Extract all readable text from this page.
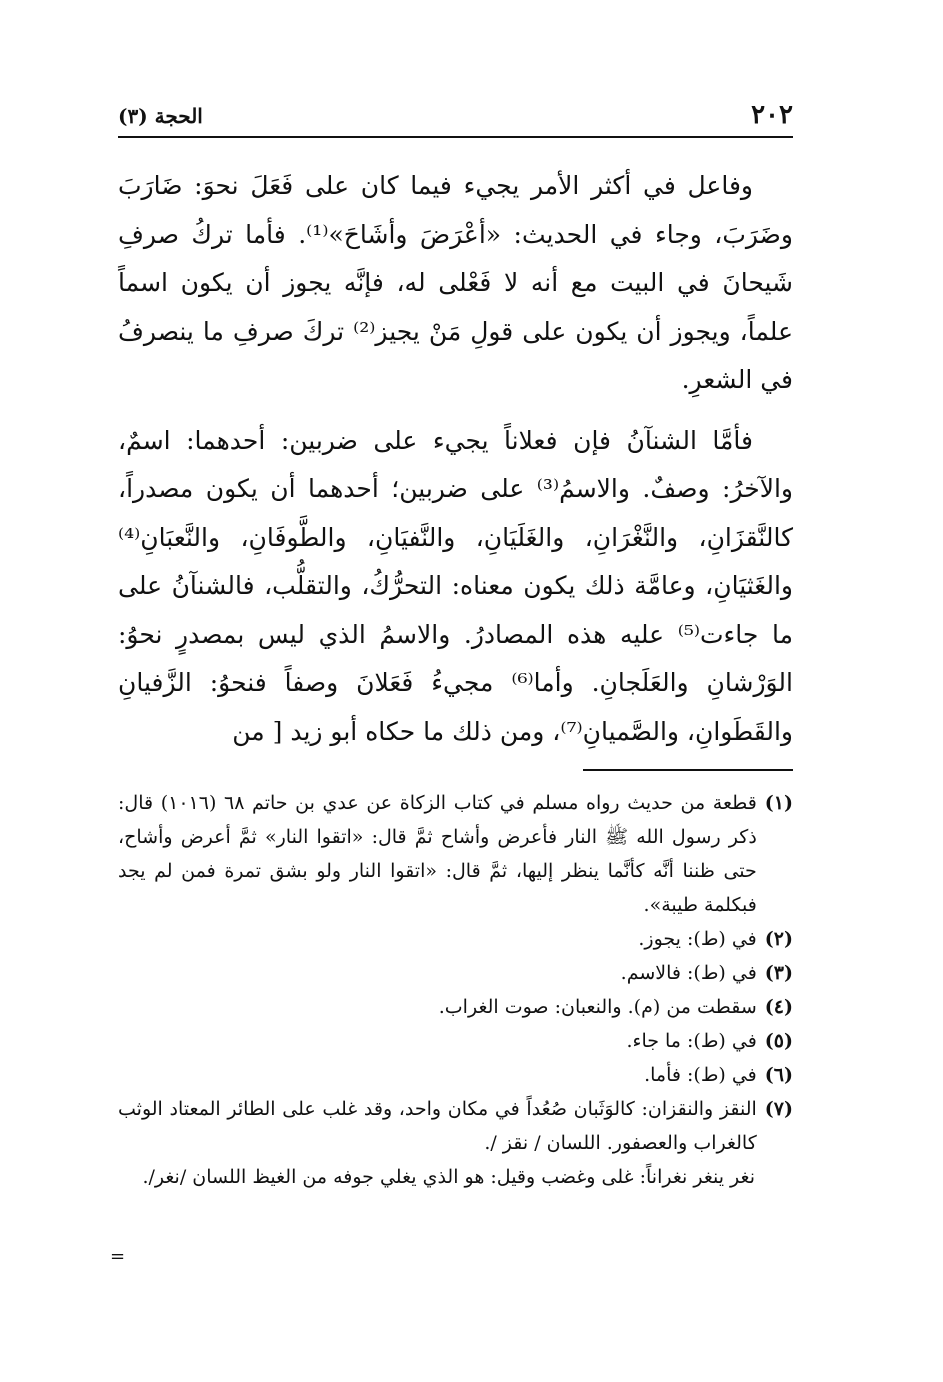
٢٠٢
الحجة (٣)

وفاعل في أكثر الأمر يجيء فيما كان على فَعَلَ نحوَ: ضَارَبَ وضَرَبَ، وجاء في الحديث: «أعْرَضَ وأشَاحَ»⁽¹⁾. فأما تركُ صرفِ شَيحانَ في البيت مع أنه لا فَعْلى له، فإنَّه يجوز أن يكون اسماً علماً، ويجوز أن يكون على قولِ مَنْ يجيز⁽²⁾ تركَ صرفِ ما ينصرفُ في الشعرِ.

فأمَّا الشنآنُ فإن فعلاناً يجيء على ضربين: أحدهما: اسمٌ، والآخرُ: وصفٌ. والاسمُ⁽³⁾ على ضربين؛ أحدهما أن يكون مصدراً، كالنَّقزَانِ، والنَّغْرَانِ، والغَلَيَانِ، والنَّفيَانِ، والطَّوفَانِ، والنَّعبَانِ⁽⁴⁾ والغَثيَانِ، وعامَّة ذلك يكون معناه: التحرُّكُ، والتقلُّب، فالشنآنُ على ما جاءت⁽⁵⁾ عليه هذه المصادرُ. والاسمُ الذي ليس بمصدرٍ نحوُ: الوَرْشانِ والعَلَجانِ. وأما⁽⁶⁾ مجيءُ فَعَلانَ وصفاً فنحوُ: الزَّفيانِ والقَطَوانِ، والصَّميانِ⁽⁷⁾، ومن ذلك ما حكاه أبو زيد [ من

(١)
قطعة من حديث رواه مسلم في كتاب الزكاة عن عدي بن حاتم ٦٨ (١٠١٦) قال: ذكر رسول الله ﷺ النار فأعرض وأشاح ثمَّ قال: «اتقوا النار» ثمَّ أعرض وأشاح، حتى ظننا أنَّه كأنَّما ينظر إليها، ثمَّ قال: «اتقوا النار ولو بشق تمرة فمن لم يجد فبكلمة طيبة».
(٢)
في (ط): يجوز.
(٣)
في (ط): فالاسم.
(٤)
سقطت من (م). والنعبان: صوت الغراب.
(٥)
في (ط): ما جاء.
(٦)
في (ط): فأما.
(٧)
النقز والنقزان: كالوَثَبان صُعُداً في مكان واحد، وقد غلب على الطائر المعتاد الوثب كالغراب والعصفور. اللسان / نقز /.
نغر ينغر نغراناً: غلى وغضب وقيل: هو الذي يغلي جوفه من الغيظ اللسان /نغر/.
=
